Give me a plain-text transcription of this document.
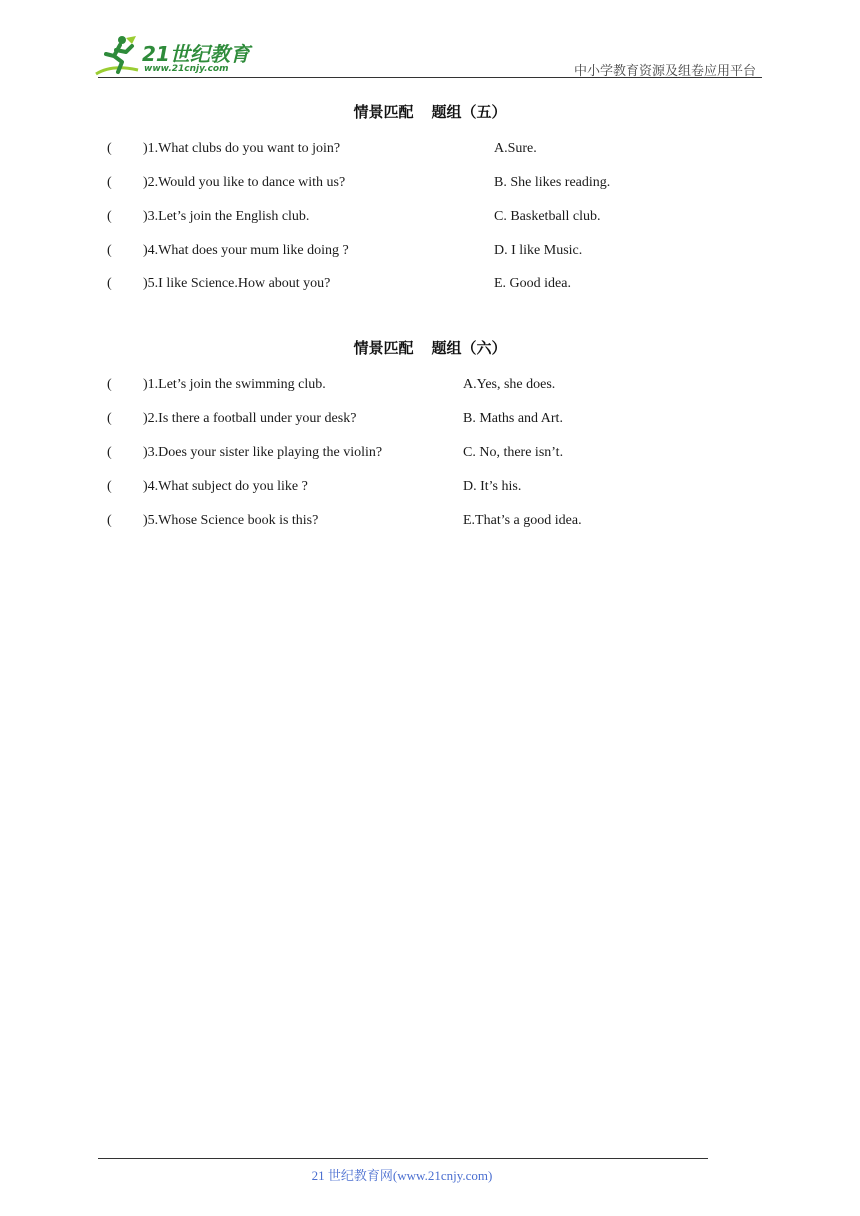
21世纪教育
www.21cnjy.com	中小学教育资源及组卷应用平台
情景匹配 题组（五）
( )1.What clubs do you want to join?	A.Sure.
( )2.Would you like to dance with us?	B. She likes reading.
( )3.Let’s join the English club.	C. Basketball club.
( )4.What does your mum like doing ?	D. I like Music.
( )5.I like Science.How about you?	E. Good idea.
情景匹配 题组（六）
( )1.Let’s join the swimming club.	A.Yes, she does.
( )2.Is there a football under your desk?	B. Maths and Art.
( )3.Does your sister like playing the violin?	C. No, there isn’t.
( )4.What subject do you like ?	D. It’s his.
( )5.Whose Science book is this?	E.That’s a good idea.
21 世纪教育网(www.21cnjy.com)
